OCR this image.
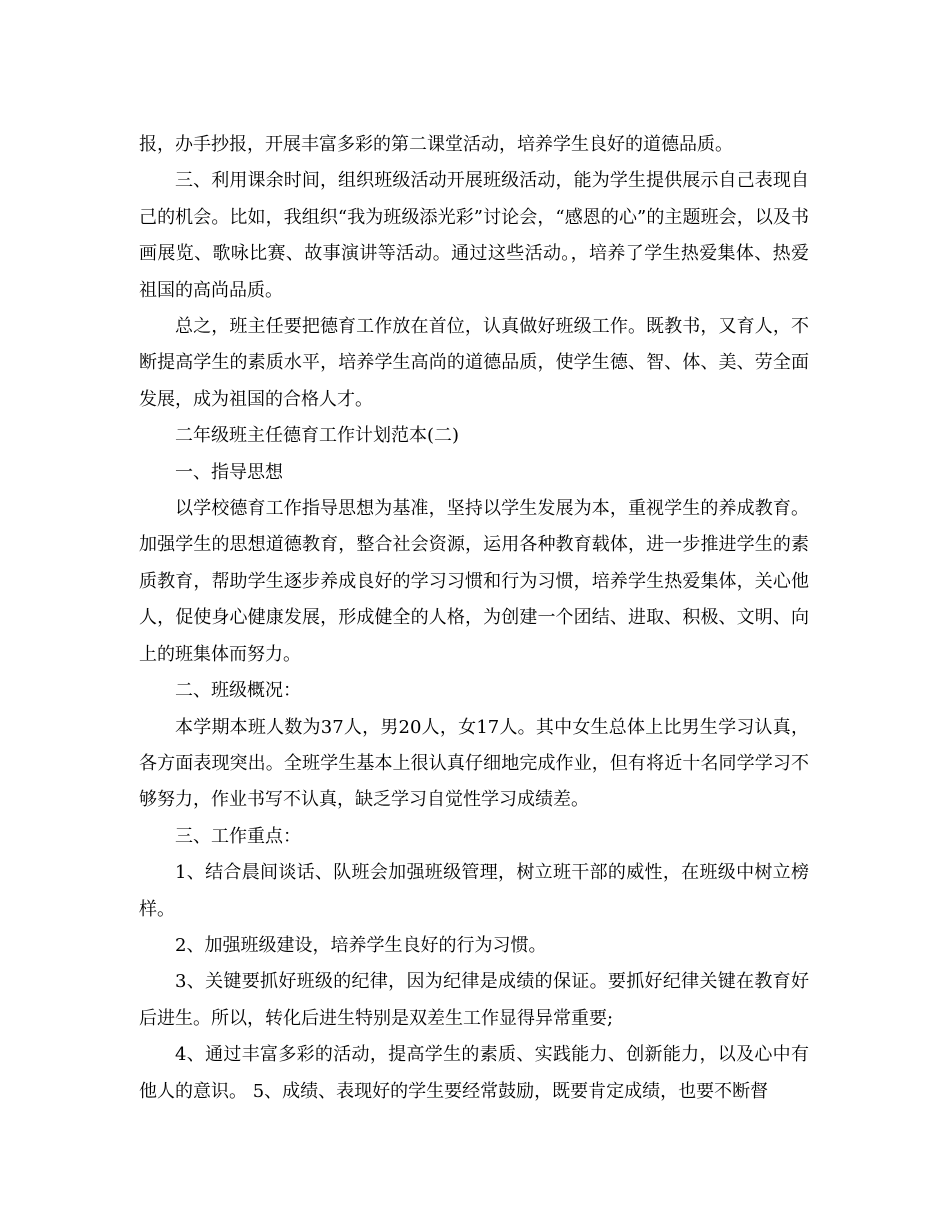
报，办手抄报，开展丰富多彩的第二课堂活动，培养学生良好的道德品质。

三、利用课余时间，组织班级活动开展班级活动，能为学生提供展示自己表现自己的机会。比如，我组织“我为班级添光彩”讨论会，“感恩的心”的主题班会，以及书画展览、歌咏比赛、故事演讲等活动。通过这些活动。，培养了学生热爱集体、热爱祖国的高尚品质。

总之，班主任要把德育工作放在首位，认真做好班级工作。既教书，又育人，不断提高学生的素质水平，培养学生高尚的道德品质，使学生德、智、体、美、劳全面发展，成为祖国的合格人才。

二年级班主任德育工作计划范本(二)

一、指导思想

以学校德育工作指导思想为基准，坚持以学生发展为本，重视学生的养成教育。加强学生的思想道德教育，整合社会资源，运用各种教育载体，进一步推进学生的素质教育，帮助学生逐步养成良好的学习习惯和行为习惯，培养学生热爱集体，关心他人，促使身心健康发展，形成健全的人格，为创建一个团结、进取、积极、文明、向上的班集体而努力。

二、班级概况：

本学期本班人数为37人，男20人，女17人。其中女生总体上比男生学习认真，各方面表现突出。全班学生基本上很认真仔细地完成作业，但有将近十名同学学习不够努力，作业书写不认真，缺乏学习自觉性学习成绩差。

三、工作重点：

1、结合晨间谈话、队班会加强班级管理，树立班干部的威性，在班级中树立榜样。

2、加强班级建设，培养学生良好的行为习惯。

3、关键要抓好班级的纪律，因为纪律是成绩的保证。要抓好纪律关键在教育好后进生。所以，转化后进生特别是双差生工作显得异常重要;

4、通过丰富多彩的活动，提高学生的素质、实践能力、创新能力，以及心中有他人的意识。 5、成绩、表现好的学生要经常鼓励，既要肯定成绩，也要不断督
